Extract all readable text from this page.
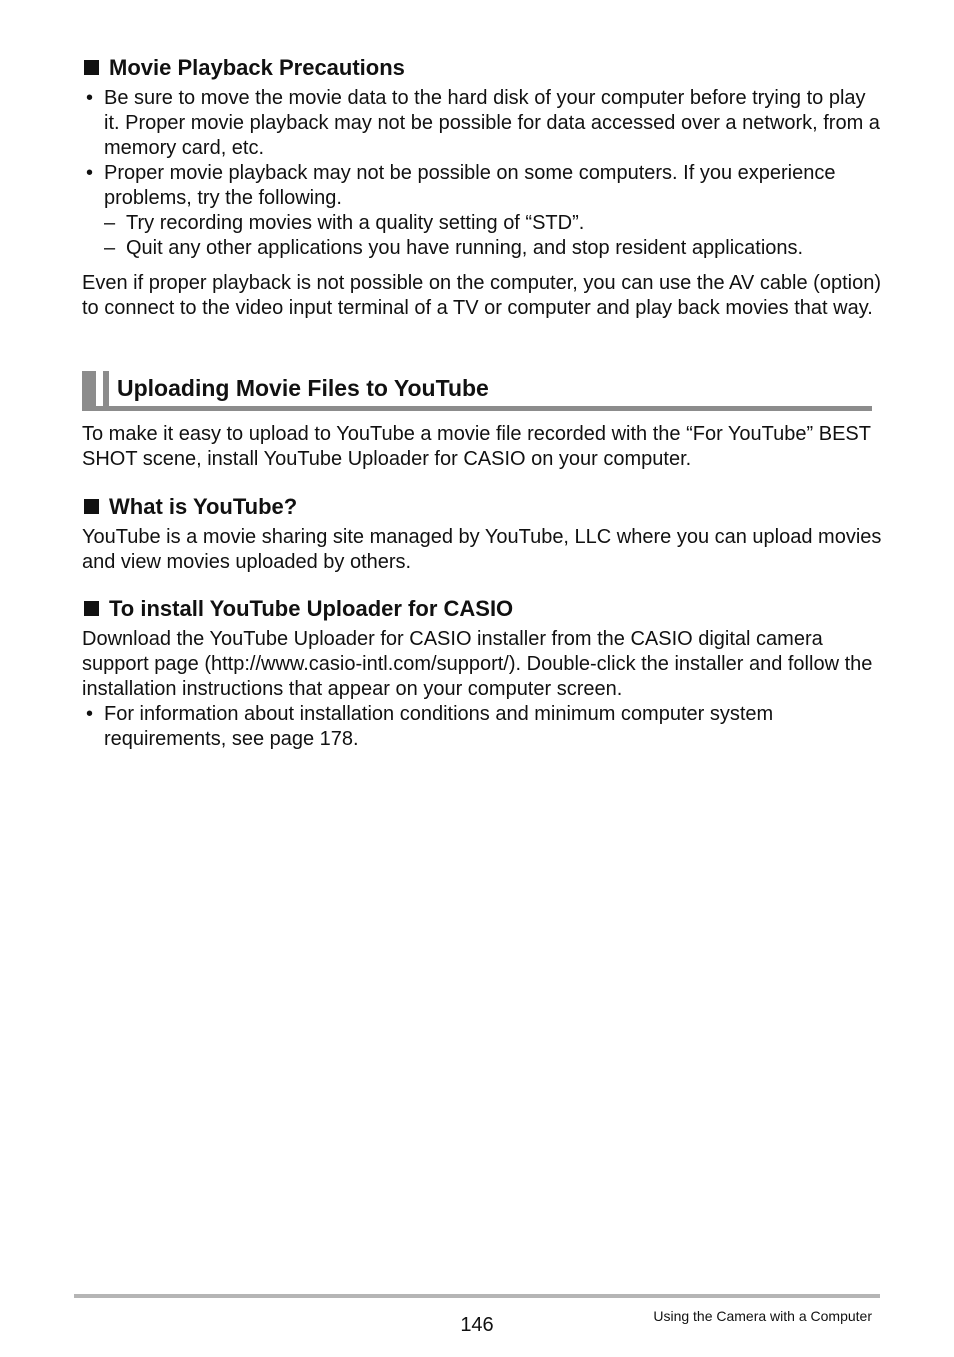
Movie Playback Precautions
• Be sure to move the movie data to the hard disk of your computer before trying to play it. Proper movie playback may not be possible for data accessed over a network, from a memory card, etc.
• Proper movie playback may not be possible on some computers. If you experience problems, try the following.
– Try recording movies with a quality setting of “STD”.
– Quit any other applications you have running, and stop resident applications.
Even if proper playback is not possible on the computer, you can use the AV cable (option) to connect to the video input terminal of a TV or computer and play back movies that way.
Uploading Movie Files to YouTube
To make it easy to upload to YouTube a movie file recorded with the “For YouTube” BEST SHOT scene, install YouTube Uploader for CASIO on your computer.
What is YouTube?
YouTube is a movie sharing site managed by YouTube, LLC where you can upload movies and view movies uploaded by others.
To install YouTube Uploader for CASIO
Download the YouTube Uploader for CASIO installer from the CASIO digital camera support page (http://www.casio-intl.com/support/). Double-click the installer and follow the installation instructions that appear on your computer screen.
• For information about installation conditions and minimum computer system requirements, see page 178.
146	Using the Camera with a Computer
